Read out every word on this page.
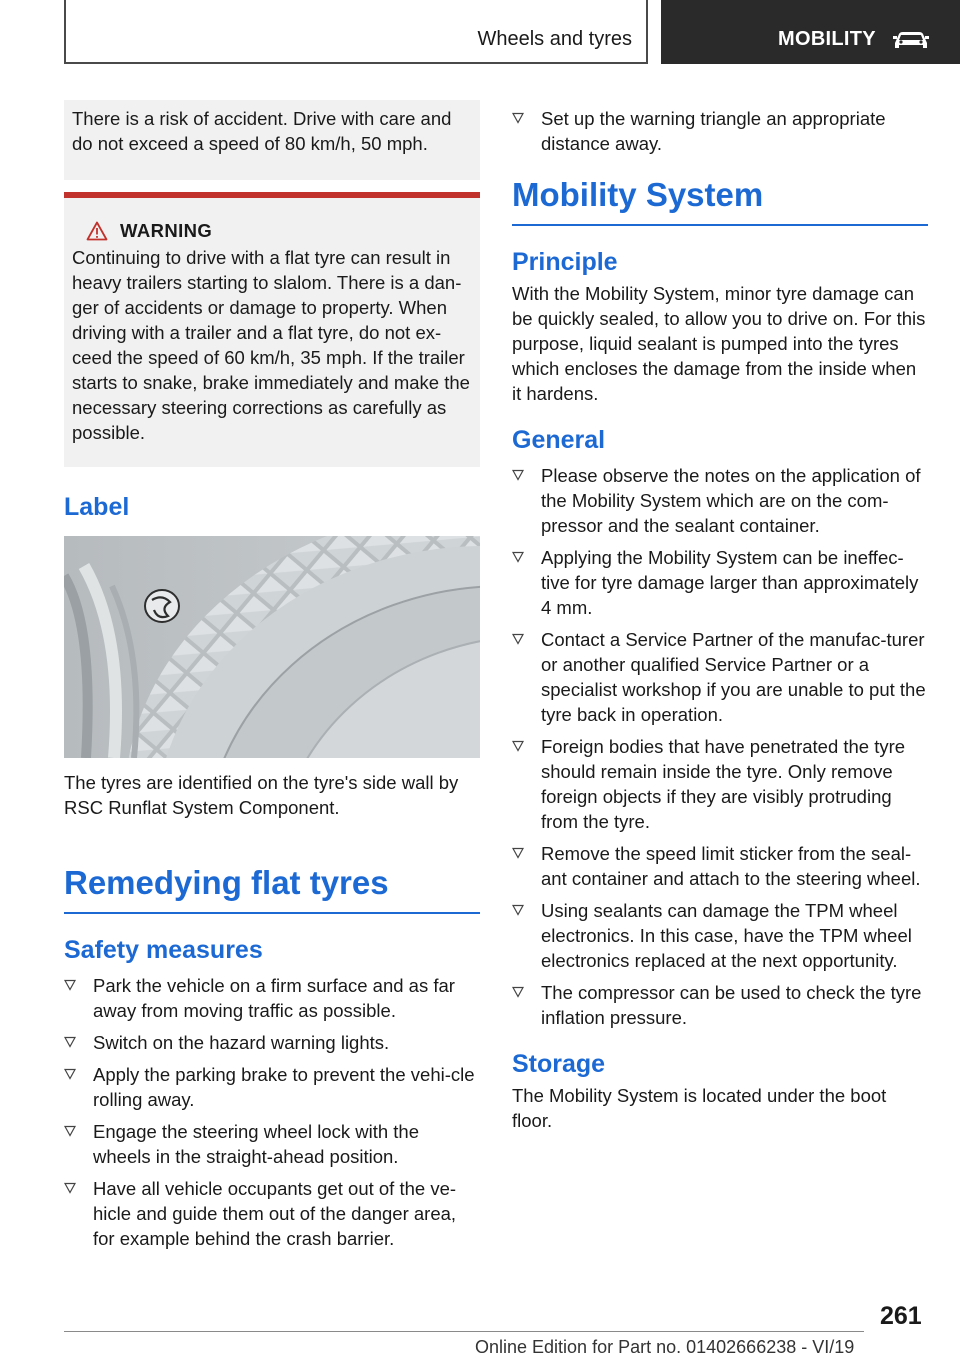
Wheels and tyres	MOBILITY

There is a risk of accident. Drive with care and do not exceed a speed of 80 km/h, 50 mph.

WARNING

Continuing to drive with a flat tyre can result in heavy trailers starting to slalom. There is a dan‐ger of accidents or damage to property. When driving with a trailer and a flat tyre, do not ex‐ceed the speed of 60 km/h, 35 mph. If the trailer starts to snake, brake immediately and make the necessary steering corrections as carefully as possible.

Label

The tyres are identified on the tyre's side wall by RSC Runflat System Component.

Remedying flat tyres
Safety measures
Park the vehicle on a firm surface and as far away from moving traffic as possible.
Switch on the hazard warning lights.
Apply the parking brake to prevent the vehi‐cle rolling away.
Engage the steering wheel lock with the wheels in the straight-ahead position.
Have all vehicle occupants get out of the ve‐hicle and guide them out of the danger area, for example behind the crash barrier.
Set up the warning triangle an appropriate distance away.
Mobility System
Principle

With the Mobility System, minor tyre damage can be quickly sealed, to allow you to drive on. For this purpose, liquid sealant is pumped into the tyres which encloses the damage from the inside when it hardens.

General
Please observe the notes on the application of the Mobility System which are on the com‐pressor and the sealant container.
Applying the Mobility System can be ineffec‐tive for tyre damage larger than approximately 4 mm.
Contact a Service Partner of the manufac‐turer or another qualified Service Partner or a specialist workshop if you are unable to put the tyre back in operation.
Foreign bodies that have penetrated the tyre should remain inside the tyre. Only remove foreign objects if they are visibly protruding from the tyre.
Remove the speed limit sticker from the seal‐ant container and attach to the steering wheel.
Using sealants can damage the TPM wheel electronics. In this case, have the TPM wheel electronics replaced at the next opportunity.
The compressor can be used to check the tyre inflation pressure.
Storage

The Mobility System is located under the boot floor.

261
Online Edition for Part no. 01402666238 - VI/19
